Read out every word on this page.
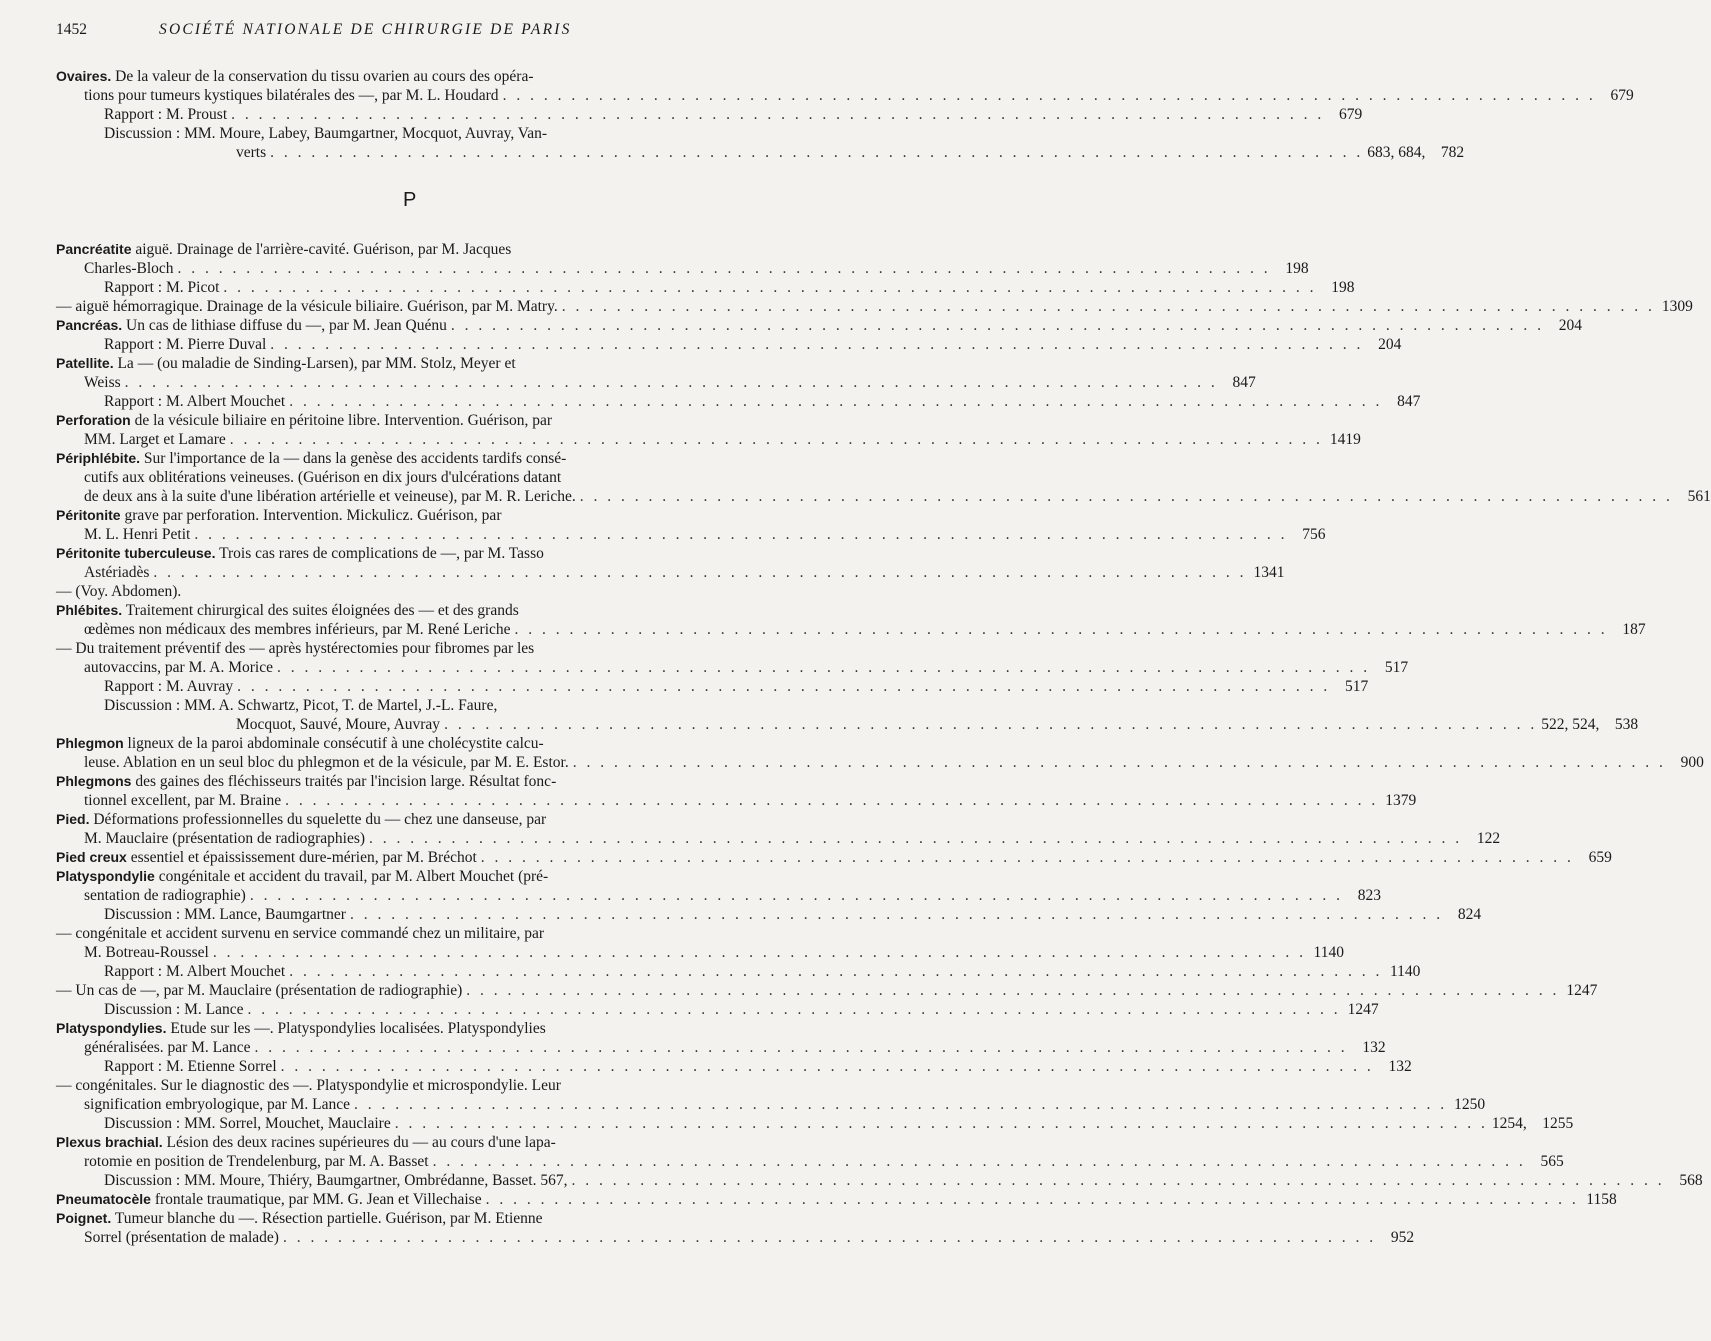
1452	SOCIÉTÉ NATIONALE DE CHIRURGIE DE PARIS
Ovaires. De la valeur de la conservation du tissu ovarien au cours des opéra-
tions pour tumeurs kystiques bilatérales des —, par M. L. Houdard . . . . . . . . . . . . . . . . . . . . . . . . . . . . . . . . . . . . . . . . . . . . . . . . . . . . . . . . . . . . . . . . . . . . . . . . . . . . . . . . 679
Rapport : M. Proust . . . . . . . . . . . . . . . . . . . . . . . . . . . . . . . . . . . . . . . . . . . . . . . . . . . . . . . . . . . . . . . . . . . . . . . . . . . . . . . . 679
Discussion : MM. Moure, Labey, Baumgartner, Mocquot, Auvray, Van-
verts . . . . . . . . . . . . . . . . . . . . . . . . . . . . . . . . . . . . . . . . . . . . . . . . . . . . . . . . . . . . . . . . . . . . . . . . . . . . . . . . 683, 684,    782
P
Pancréatite aiguë. Drainage de l'arrière-cavité. Guérison, par M. Jacques
Charles-Bloch . . . . . . . . . . . . . . . . . . . . . . . . . . . . . . . . . . . . . . . . . . . . . . . . . . . . . . . . . . . . . . . . . . . . . . . . . . . . . . . . 198
Rapport : M. Picot . . . . . . . . . . . . . . . . . . . . . . . . . . . . . . . . . . . . . . . . . . . . . . . . . . . . . . . . . . . . . . . . . . . . . . . . . . . . . . . . 198
— aiguë hémorragique. Drainage de la vésicule biliaire. Guérison, par M. Matry. . . . . . . . . . . . . . . . . . . . . . . . . . . . . . . . . . . . . . . . . . . . . . . . . . . . . . . . . . . . . . . . . . . . . . . . . . . . . . . . . 1309
Pancréas. Un cas de lithiase diffuse du —, par M. Jean Quénu . . . . . . . . . . . . . . . . . . . . . . . . . . . . . . . . . . . . . . . . . . . . . . . . . . . . . . . . . . . . . . . . . . . . . . . . . . . . . . . . 204
Rapport : M. Pierre Duval . . . . . . . . . . . . . . . . . . . . . . . . . . . . . . . . . . . . . . . . . . . . . . . . . . . . . . . . . . . . . . . . . . . . . . . . . . . . . . . . 204
Patellite. La — (ou maladie de Sinding-Larsen), par MM. Stolz, Meyer et
Weiss . . . . . . . . . . . . . . . . . . . . . . . . . . . . . . . . . . . . . . . . . . . . . . . . . . . . . . . . . . . . . . . . . . . . . . . . . . . . . . . . 847
Rapport : M. Albert Mouchet . . . . . . . . . . . . . . . . . . . . . . . . . . . . . . . . . . . . . . . . . . . . . . . . . . . . . . . . . . . . . . . . . . . . . . . . . . . . . . . . 847
Perforation de la vésicule biliaire en péritoine libre. Intervention. Guérison, par
MM. Larget et Lamare . . . . . . . . . . . . . . . . . . . . . . . . . . . . . . . . . . . . . . . . . . . . . . . . . . . . . . . . . . . . . . . . . . . . . . . . . . . . . . . . 1419
Périphlébite. Sur l'importance de la — dans la genèse des accidents tardifs consé-
cutifs aux oblitérations veineuses. (Guérison en dix jours d'ulcérations datant
de deux ans à la suite d'une libération artérielle et veineuse), par M. R. Leriche. . . . . . . . . . . . . . . . . . . . . . . . . . . . . . . . . . . . . . . . . . . . . . . . . . . . . . . . . . . . . . . . . . . . . . . . . . . . . . . . . 561
Péritonite grave par perforation. Intervention. Mickulicz. Guérison, par
M. L. Henri Petit . . . . . . . . . . . . . . . . . . . . . . . . . . . . . . . . . . . . . . . . . . . . . . . . . . . . . . . . . . . . . . . . . . . . . . . . . . . . . . . . 756
Péritonite tuberculeuse. Trois cas rares de complications de —, par M. Tasso
Astériadès . . . . . . . . . . . . . . . . . . . . . . . . . . . . . . . . . . . . . . . . . . . . . . . . . . . . . . . . . . . . . . . . . . . . . . . . . . . . . . . . 1341
— (Voy. Abdomen).
Phlébites. Traitement chirurgical des suites éloignées des — et des grands
œdèmes non médicaux des membres inférieurs, par M. René Leriche . . . . . . . . . . . . . . . . . . . . . . . . . . . . . . . . . . . . . . . . . . . . . . . . . . . . . . . . . . . . . . . . . . . . . . . . . . . . . . . . 187
— Du traitement préventif des — après hystérectomies pour fibromes par les
autovaccins, par M. A. Morice . . . . . . . . . . . . . . . . . . . . . . . . . . . . . . . . . . . . . . . . . . . . . . . . . . . . . . . . . . . . . . . . . . . . . . . . . . . . . . . . 517
Rapport : M. Auvray . . . . . . . . . . . . . . . . . . . . . . . . . . . . . . . . . . . . . . . . . . . . . . . . . . . . . . . . . . . . . . . . . . . . . . . . . . . . . . . . 517
Discussion : MM. A. Schwartz, Picot, T. de Martel, J.-L. Faure,
Mocquot, Sauvé, Moure, Auvray . . . . . . . . . . . . . . . . . . . . . . . . . . . . . . . . . . . . . . . . . . . . . . . . . . . . . . . . . . . . . . . . . . . . . . . . . . . . . . . . 522, 524,    538
Phlegmon ligneux de la paroi abdominale consécutif à une cholécystite calcu-
leuse. Ablation en un seul bloc du phlegmon et de la vésicule, par M. E. Estor. . . . . . . . . . . . . . . . . . . . . . . . . . . . . . . . . . . . . . . . . . . . . . . . . . . . . . . . . . . . . . . . . . . . . . . . . . . . . . . . . 900
Phlegmons des gaines des fléchisseurs traités par l'incision large. Résultat fonc-
tionnel excellent, par M. Braine . . . . . . . . . . . . . . . . . . . . . . . . . . . . . . . . . . . . . . . . . . . . . . . . . . . . . . . . . . . . . . . . . . . . . . . . . . . . . . . . 1379
Pied. Déformations professionnelles du squelette du — chez une danseuse, par
M. Mauclaire (présentation de radiographies) . . . . . . . . . . . . . . . . . . . . . . . . . . . . . . . . . . . . . . . . . . . . . . . . . . . . . . . . . . . . . . . . . . . . . . . . . . . . . . . . 122
Pied creux essentiel et épaississement dure-mérien, par M. Bréchot . . . . . . . . . . . . . . . . . . . . . . . . . . . . . . . . . . . . . . . . . . . . . . . . . . . . . . . . . . . . . . . . . . . . . . . . . . . . . . . . 659
Platyspondylie congénitale et accident du travail, par M. Albert Mouchet (pré-
sentation de radiographie) . . . . . . . . . . . . . . . . . . . . . . . . . . . . . . . . . . . . . . . . . . . . . . . . . . . . . . . . . . . . . . . . . . . . . . . . . . . . . . . . 823
Discussion : MM. Lance, Baumgartner . . . . . . . . . . . . . . . . . . . . . . . . . . . . . . . . . . . . . . . . . . . . . . . . . . . . . . . . . . . . . . . . . . . . . . . . . . . . . . . . 824
— congénitale et accident survenu en service commandé chez un militaire, par
M. Botreau-Roussel . . . . . . . . . . . . . . . . . . . . . . . . . . . . . . . . . . . . . . . . . . . . . . . . . . . . . . . . . . . . . . . . . . . . . . . . . . . . . . . . 1140
Rapport : M. Albert Mouchet . . . . . . . . . . . . . . . . . . . . . . . . . . . . . . . . . . . . . . . . . . . . . . . . . . . . . . . . . . . . . . . . . . . . . . . . . . . . . . . . 1140
— Un cas de —, par M. Mauclaire (présentation de radiographie) . . . . . . . . . . . . . . . . . . . . . . . . . . . . . . . . . . . . . . . . . . . . . . . . . . . . . . . . . . . . . . . . . . . . . . . . . . . . . . . . 1247
Discussion : M. Lance . . . . . . . . . . . . . . . . . . . . . . . . . . . . . . . . . . . . . . . . . . . . . . . . . . . . . . . . . . . . . . . . . . . . . . . . . . . . . . . . 1247
Platyspondylies. Etude sur les —. Platyspondylies localisées. Platyspondylies
généralisées. par M. Lance . . . . . . . . . . . . . . . . . . . . . . . . . . . . . . . . . . . . . . . . . . . . . . . . . . . . . . . . . . . . . . . . . . . . . . . . . . . . . . . . 132
Rapport : M. Etienne Sorrel . . . . . . . . . . . . . . . . . . . . . . . . . . . . . . . . . . . . . . . . . . . . . . . . . . . . . . . . . . . . . . . . . . . . . . . . . . . . . . . . 132
— congénitales. Sur le diagnostic des —. Platyspondylie et microspondylie. Leur
signification embryologique, par M. Lance . . . . . . . . . . . . . . . . . . . . . . . . . . . . . . . . . . . . . . . . . . . . . . . . . . . . . . . . . . . . . . . . . . . . . . . . . . . . . . . . 1250
Discussion : MM. Sorrel, Mouchet, Mauclaire . . . . . . . . . . . . . . . . . . . . . . . . . . . . . . . . . . . . . . . . . . . . . . . . . . . . . . . . . . . . . . . . . . . . . . . . . . . . . . . . 1254,    1255
Plexus brachial. Lésion des deux racines supérieures du — au cours d'une lapa-
rotomie en position de Trendelenburg, par M. A. Basset . . . . . . . . . . . . . . . . . . . . . . . . . . . . . . . . . . . . . . . . . . . . . . . . . . . . . . . . . . . . . . . . . . . . . . . . . . . . . . . . 565
Discussion : MM. Moure, Thiéry, Baumgartner, Ombrédanne, Basset. 567, . . . . . . . . . . . . . . . . . . . . . . . . . . . . . . . . . . . . . . . . . . . . . . . . . . . . . . . . . . . . . . . . . . . . . . . . . . . . . . . . 568
Pneumatocèle frontale traumatique, par MM. G. Jean et Villechaise . . . . . . . . . . . . . . . . . . . . . . . . . . . . . . . . . . . . . . . . . . . . . . . . . . . . . . . . . . . . . . . . . . . . . . . . . . . . . . . . 1158
Poignet. Tumeur blanche du —. Résection partielle. Guérison, par M. Etienne
Sorrel (présentation de malade) . . . . . . . . . . . . . . . . . . . . . . . . . . . . . . . . . . . . . . . . . . . . . . . . . . . . . . . . . . . . . . . . . . . . . . . . . . . . . . . . 952
